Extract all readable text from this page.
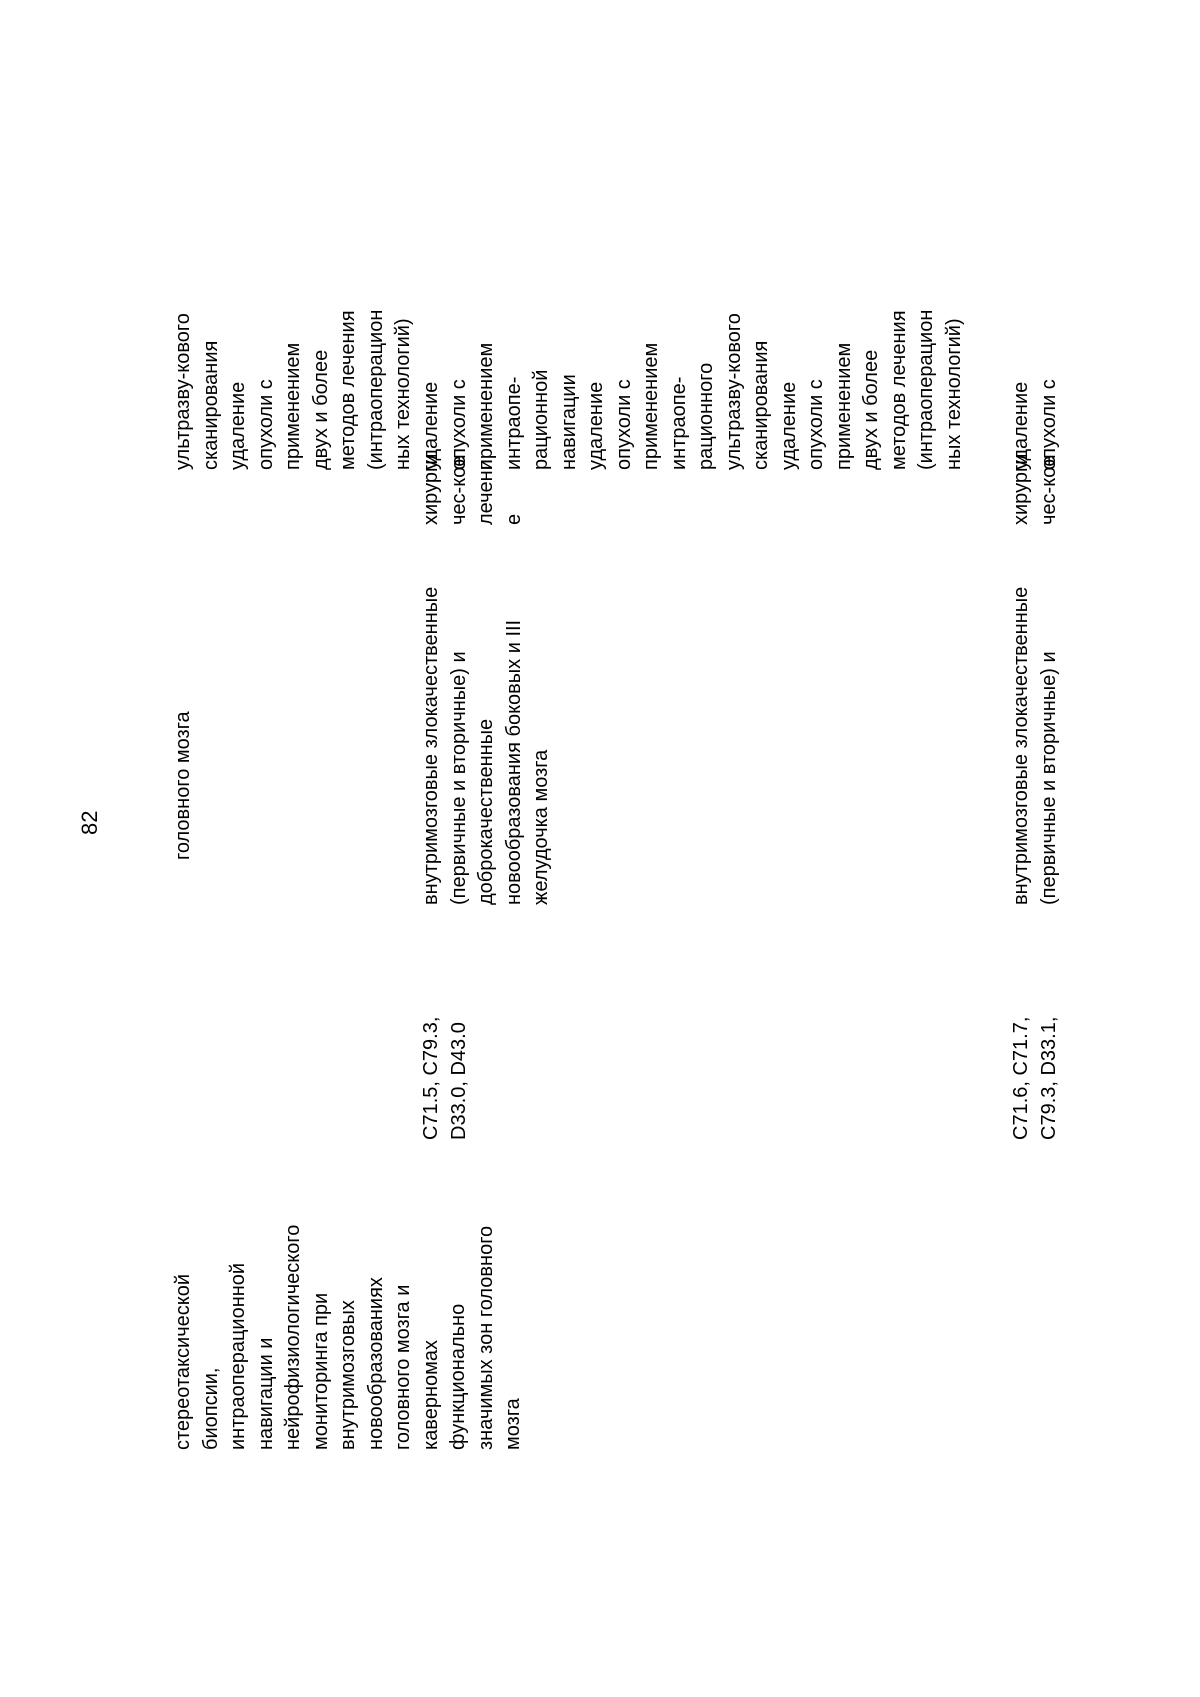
82
стереотаксической биопсии, интраоперационной навигации и нейрофизиологического мониторинга при внутримозговых новообразованиях головного мозга и каверномах функционально значимых зон головного мозга
головного мозга
ультразву-кового сканирования удаление опухоли с применением двух и более методов лечения (интраоперацион ных технологий)
C71.5, C79.3, D33.0, D43.0
внутримозговые злокачественные (первичные и вторичные) и доброкачественные новообразования боковых и III желудочка мозга
хирурги чес-кое лечени е
удаление опухоли с применением интраопе- рационной навигации удаление опухоли с применением интраопе- рационного ультразву-кового сканирования удаление опухоли с применением двух и более методов лечения (интраоперацион ных технологий)
C71.6, C71.7, C79.3, D33.1,
внутримозговые злокачественные (первичные и вторичные) и
хирурги чес-кое
удаление опухоли с
